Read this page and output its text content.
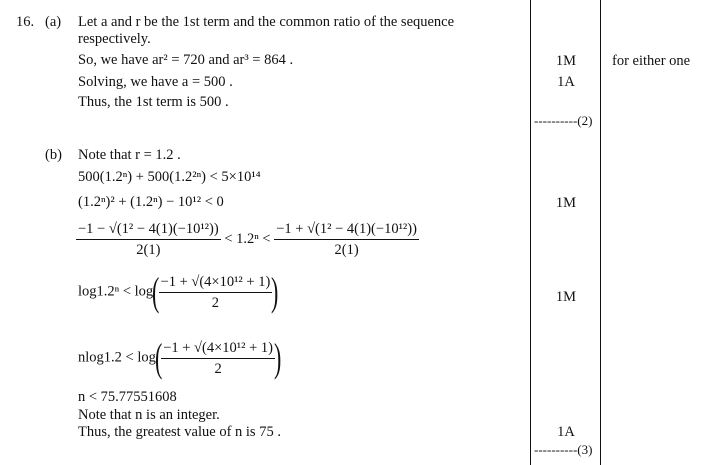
16. (a) Let a and r be the 1st term and the common ratio of the sequence
respectively.
So, we have ar² = 720 and ar³ = 864 .
Solving, we have a = 500 .
Thus, the 1st term is 500 .
1M
1A
for either one
----------(2)
(b) Note that r = 1.2 .
500(1.2ⁿ) + 500(1.2²ⁿ) < 5×10¹⁴
(1.2ⁿ)² + (1.2ⁿ) − 10¹² < 0
$\frac{\text{−1 − √(1² − 4(1)(−10¹²))}}{2(1)} < 1.2^n < \frac{\text{−1 + √(1² − 4(1)(−10¹²))}}{2(1)}$
log1.2ⁿ < log(
$\frac{\text{−1 + √(4×10¹² + 1)}}{2}$
)
nlog1.2 < log(
$\frac{\text{−1 + √(4×10¹² + 1)}}{2}$
)
n < 75.77551608
Note that n is an integer.
Thus, the greatest value of n is 75 .
1M
1M
1A
----------(3)
